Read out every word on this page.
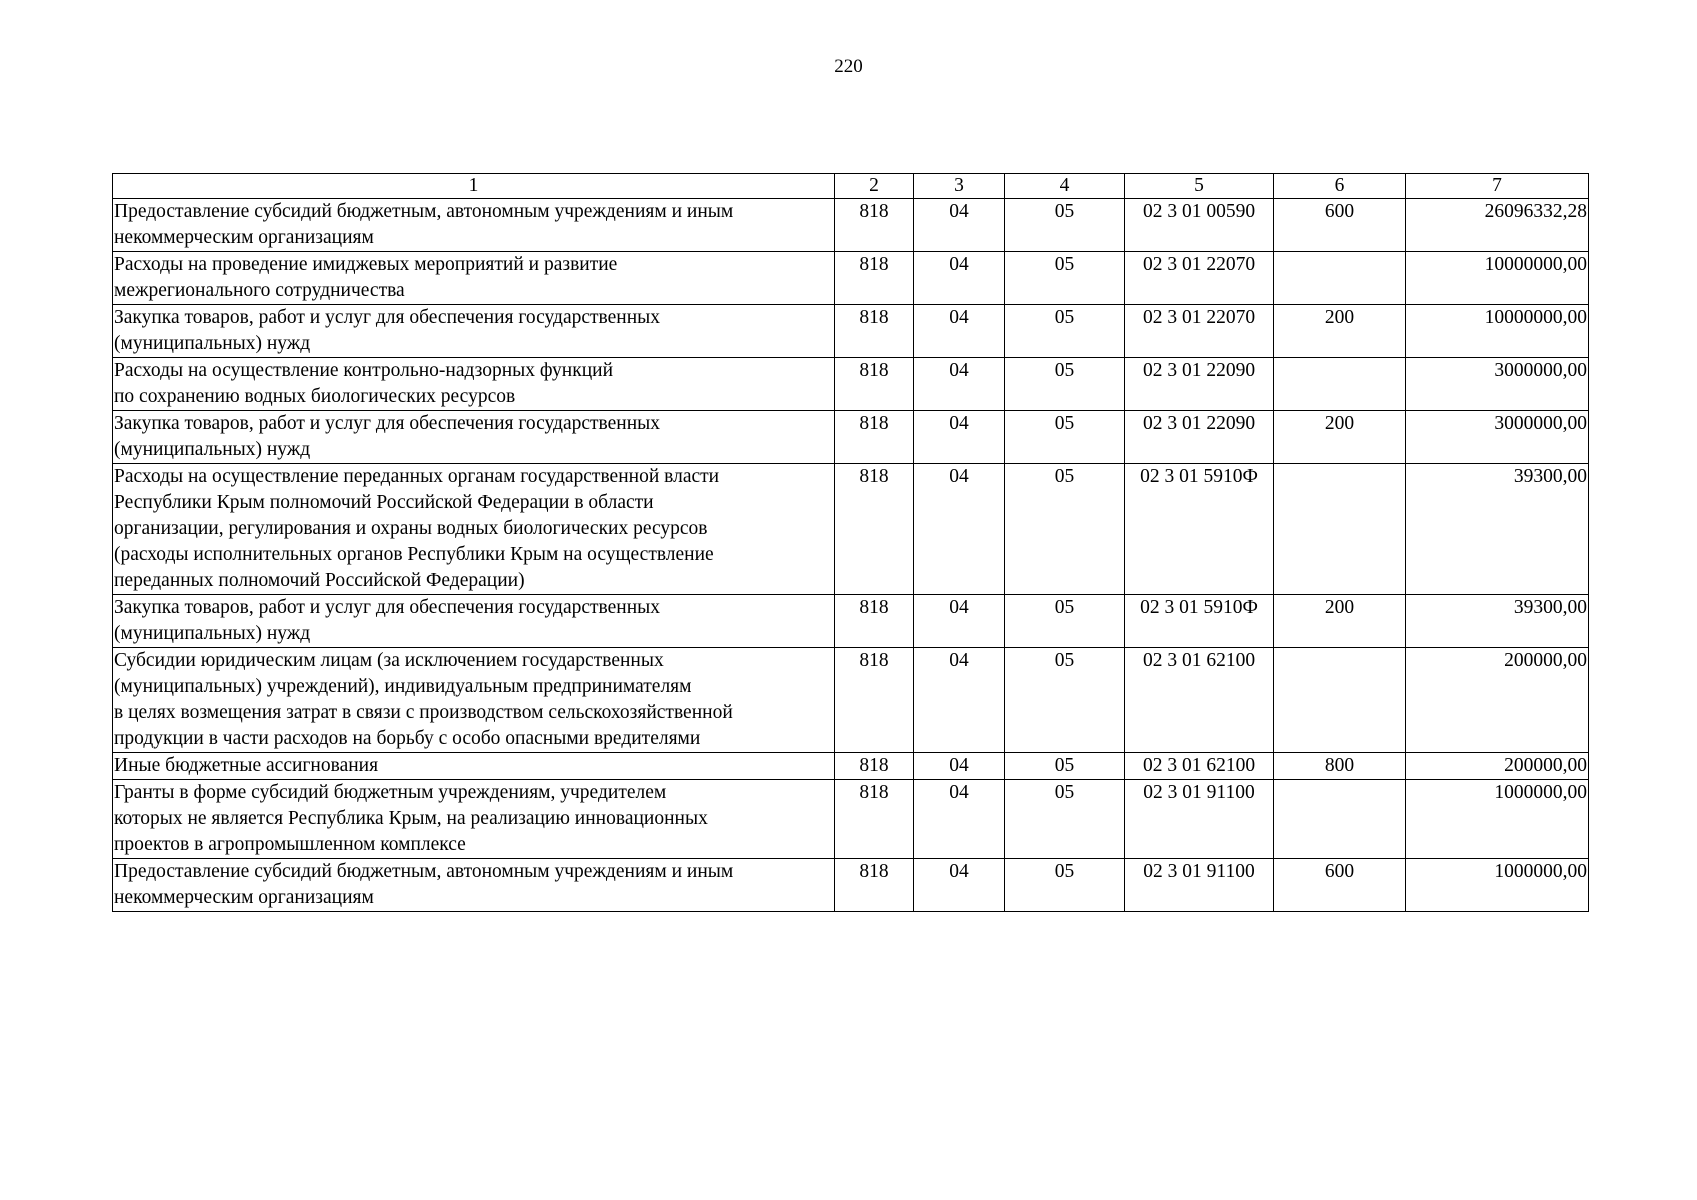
220
1	2	3	4	5	6	7
Предоставление субсидий бюджетным, автономным учреждениям и иным
некоммерческим организациям	818	04	05	02 3 01 00590	600	26096332,28
Расходы на проведение имиджевых мероприятий и развитие
межрегионального сотрудничества	818	04	05	02 3 01 22070		10000000,00
Закупка товаров, работ и услуг для обеспечения государственных
(муниципальных) нужд	818	04	05	02 3 01 22070	200	10000000,00
Расходы на осуществление контрольно-надзорных функций
по сохранению водных биологических ресурсов	818	04	05	02 3 01 22090		3000000,00
Закупка товаров, работ и услуг для обеспечения государственных
(муниципальных) нужд	818	04	05	02 3 01 22090	200	3000000,00
Расходы на осуществление переданных органам государственной власти
Республики Крым полномочий Российской Федерации в области
организации, регулирования и охраны водных биологических ресурсов
(расходы исполнительных органов Республики Крым на осуществление
переданных полномочий Российской Федерации)	818	04	05	02 3 01 5910Ф		39300,00
Закупка товаров, работ и услуг для обеспечения государственных
(муниципальных) нужд	818	04	05	02 3 01 5910Ф	200	39300,00
Субсидии юридическим лицам (за исключением государственных
(муниципальных) учреждений), индивидуальным предпринимателям
в целях возмещения затрат в связи с производством сельскохозяйственной
продукции в части расходов на борьбу с особо опасными вредителями	818	04	05	02 3 01 62100		200000,00
Иные бюджетные ассигнования	818	04	05	02 3 01 62100	800	200000,00
Гранты в форме субсидий бюджетным учреждениям, учредителем
которых не является Республика Крым, на реализацию инновационных
проектов в агропромышленном комплексе	818	04	05	02 3 01 91100		1000000,00
Предоставление субсидий бюджетным, автономным учреждениям и иным
некоммерческим организациям	818	04	05	02 3 01 91100	600	1000000,00
